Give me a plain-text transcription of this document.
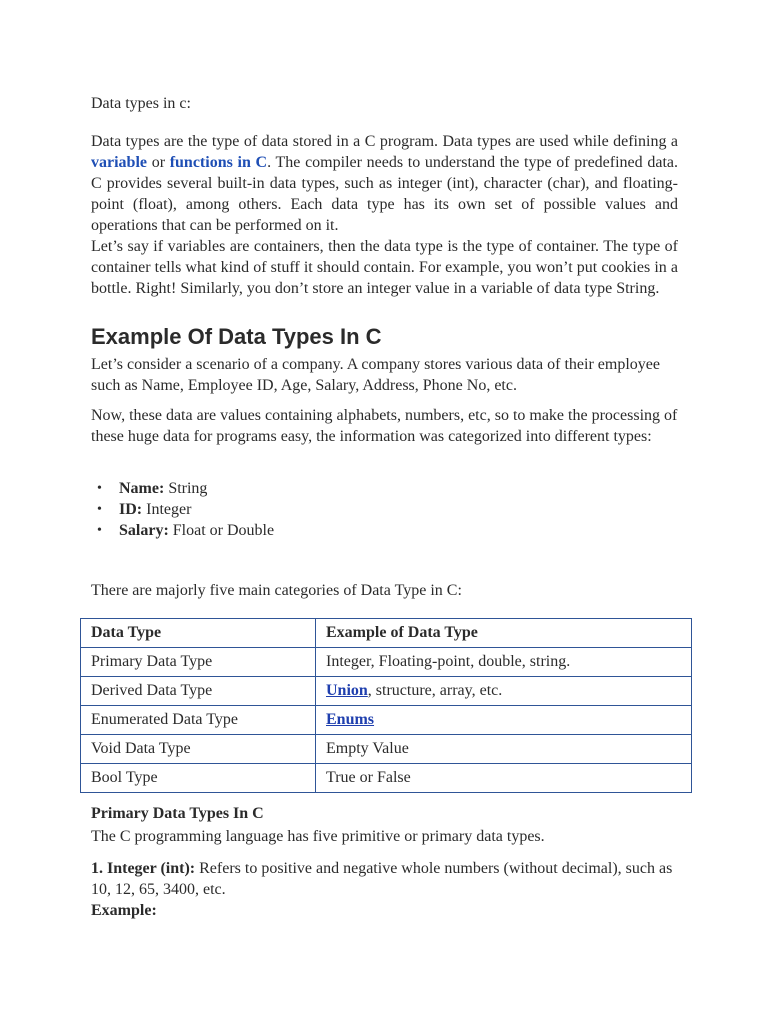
Data types in c:

Data types are the type of data stored in a C program. Data types are used while defining a variable or functions in C. The compiler needs to understand the type of predefined data. C provides several built-in data types, such as integer (int), character (char), and floating-point (float), among others. Each data type has its own set of possible values and operations that can be performed on it.

Let’s say if variables are containers, then the data type is the type of container. The type of container tells what kind of stuff it should contain. For example, you won’t put cookies in a bottle. Right! Similarly, you don’t store an integer value in a variable of data type String.

Example Of Data Types In C

Let’s consider a scenario of a company. A company stores various data of their employee such as Name, Employee ID, Age, Salary, Address, Phone No, etc.

Now, these data are values containing alphabets, numbers, etc, so to make the processing of these huge data for programs easy, the information was categorized into different types:

• Name: String
• ID: Integer
• Salary: Float or Double

There are majorly five main categories of Data Type in C:

Data Type	Example of Data Type
Primary Data Type	Integer, Floating-point, double, string.
Derived Data Type	Union, structure, array, etc.
Enumerated Data Type	Enums
Void Data Type	Empty Value
Bool Type	True or False

Primary Data Types In C

The C programming language has five primitive or primary data types.

1. Integer (int): Refers to positive and negative whole numbers (without decimal), such as 10, 12, 65, 3400, etc.

Example:
